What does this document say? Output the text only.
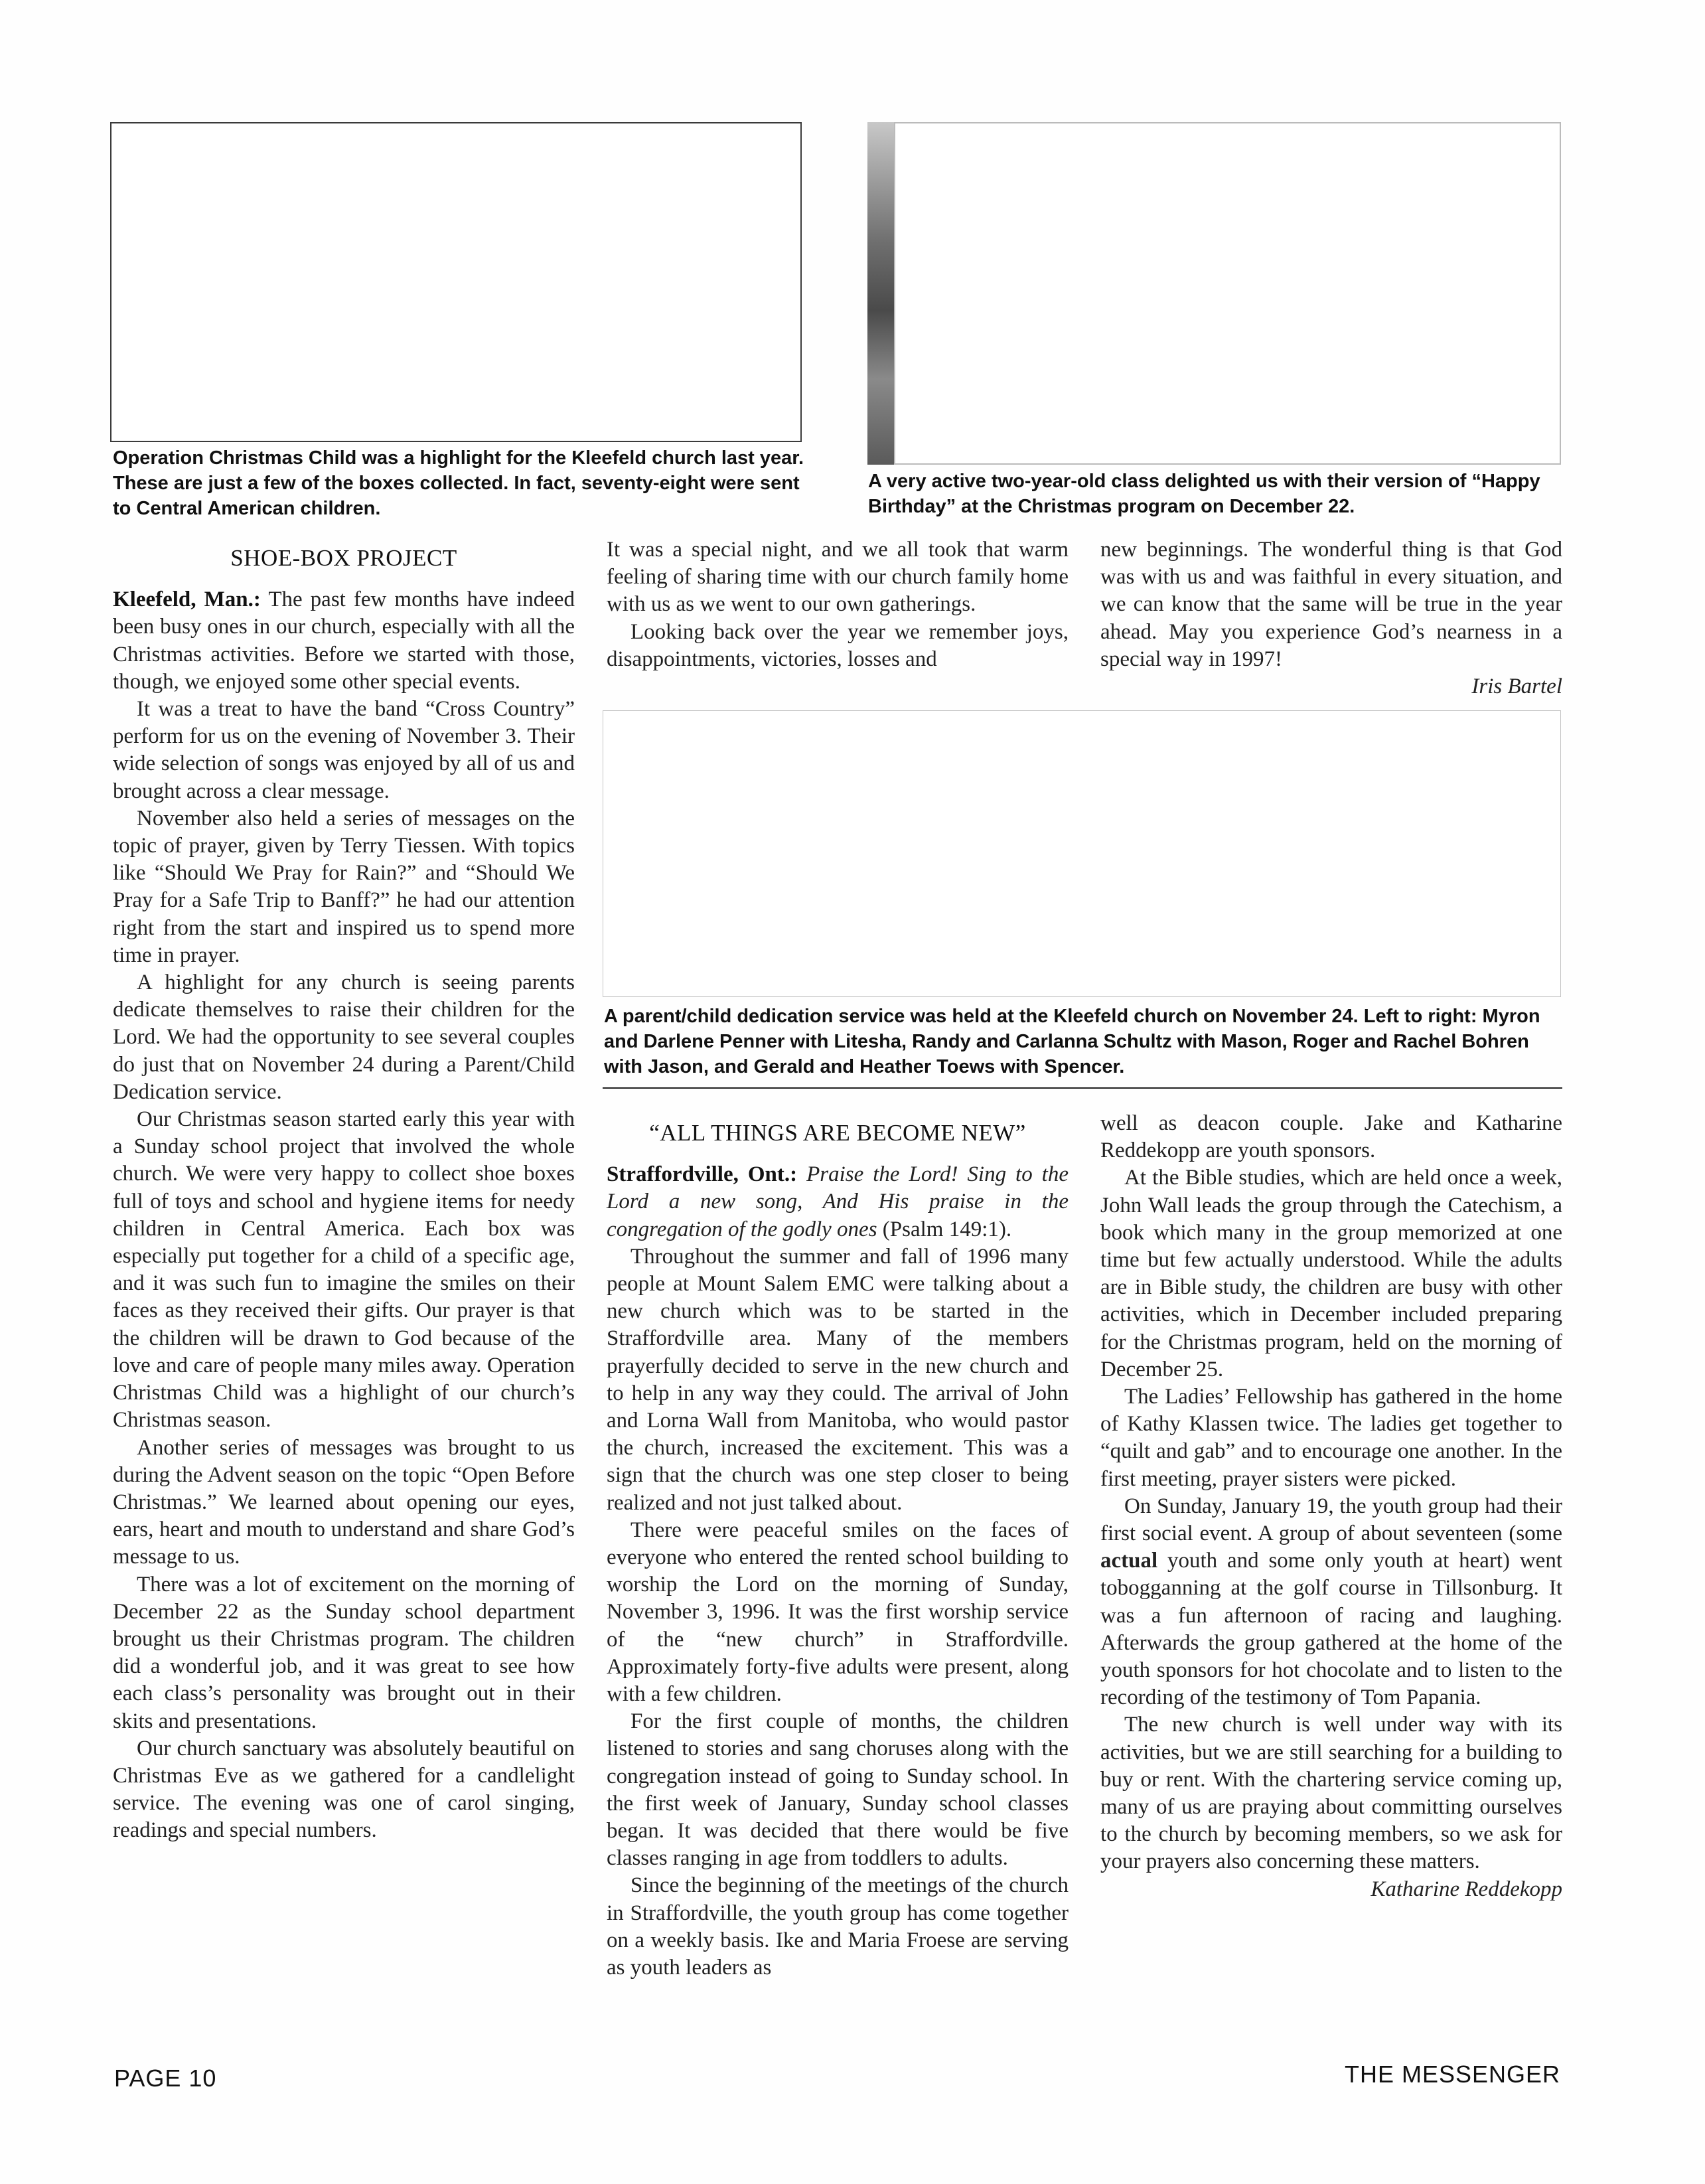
Operation Christmas Child was a highlight for the Kleefeld church last year. These are just a few of the boxes collected. In fact, seventy-eight were sent to Central American children.
A very active two-year-old class delighted us with their version of “Happy Birthday” at the Christmas program on December 22.
A parent/child dedication service was held at the Kleefeld church on November 24. Left to right: Myron and Darlene Penner with Litesha, Randy and Carlanna Schultz with Mason, Roger and Rachel Bohren with Jason, and Gerald and Heather Toews with Spencer.
SHOE-BOX PROJECT

Kleefeld, Man.: The past few months have indeed been busy ones in our church, especially with all the Christmas activities. Before we started with those, though, we enjoyed some other special events.

It was a treat to have the band “Cross Country” perform for us on the evening of November 3. Their wide selection of songs was enjoyed by all of us and brought across a clear message.

November also held a series of messages on the topic of prayer, given by Terry Tiessen. With topics like “Should We Pray for Rain?” and “Should We Pray for a Safe Trip to Banff?” he had our attention right from the start and inspired us to spend more time in prayer.

A highlight for any church is seeing parents dedicate themselves to raise their children for the Lord. We had the opportunity to see several couples do just that on November 24 during a Parent/Child Dedication service.

Our Christmas season started early this year with a Sunday school project that involved the whole church. We were very happy to collect shoe boxes full of toys and school and hygiene items for needy children in Central America. Each box was especially put together for a child of a specific age, and it was such fun to imagine the smiles on their faces as they received their gifts. Our prayer is that the children will be drawn to God because of the love and care of people many miles away. Operation Christmas Child was a highlight of our church’s Christmas season.

Another series of messages was brought to us during the Advent season on the topic “Open Before Christmas.” We learned about opening our eyes, ears, heart and mouth to understand and share God’s message to us.

There was a lot of excitement on the morning of December 22 as the Sunday school department brought us their Christmas program. The children did a wonderful job, and it was great to see how each class’s personality was brought out in their skits and presentations.

Our church sanctuary was absolutely beautiful on Christmas Eve as we gathered for a candlelight service. The evening was one of carol singing, readings and special numbers.

It was a special night, and we all took that warm feeling of sharing time with our church family home with us as we went to our own gatherings.

Looking back over the year we remember joys, disappointments, victories, losses and

new beginnings. The wonderful thing is that God was with us and was faithful in every situation, and we can know that the same will be true in the year ahead. May you experience God’s nearness in a special way in 1997!

Iris Bartel
“ALL THINGS ARE BECOME NEW”

Straffordville, Ont.: Praise the Lord! Sing to the Lord a new song, And His praise in the congregation of the godly ones (Psalm 149:1).

Throughout the summer and fall of 1996 many people at Mount Salem EMC were talking about a new church which was to be started in the Straffordville area. Many of the members prayerfully decided to serve in the new church and to help in any way they could. The arrival of John and Lorna Wall from Manitoba, who would pastor the church, increased the excitement. This was a sign that the church was one step closer to being realized and not just talked about.

There were peaceful smiles on the faces of everyone who entered the rented school building to worship the Lord on the morning of Sunday, November 3, 1996. It was the first worship service of the “new church” in Straffordville. Approximately forty-five adults were present, along with a few children.

For the first couple of months, the children listened to stories and sang choruses along with the congregation instead of going to Sunday school. In the first week of January, Sunday school classes began. It was decided that there would be five classes ranging in age from toddlers to adults.

Since the beginning of the meetings of the church in Straffordville, the youth group has come together on a weekly basis. Ike and Maria Froese are serving as youth leaders as

well as deacon couple. Jake and Katharine Reddekopp are youth sponsors.

At the Bible studies, which are held once a week, John Wall leads the group through the Catechism, a book which many in the group memorized at one time but few actually understood. While the adults are in Bible study, the children are busy with other activities, which in December included preparing for the Christmas program, held on the morning of December 25.

The Ladies’ Fellowship has gathered in the home of Kathy Klassen twice. The ladies get together to “quilt and gab” and to encourage one another. In the first meeting, prayer sisters were picked.

On Sunday, January 19, the youth group had their first social event. A group of about seventeen (some actual youth and some only youth at heart) went tobogganning at the golf course in Tillsonburg. It was a fun afternoon of racing and laughing. Afterwards the group gathered at the home of the youth sponsors for hot chocolate and to listen to the recording of the testimony of Tom Papania.

The new church is well under way with its activities, but we are still searching for a building to buy or rent. With the chartering service coming up, many of us are praying about committing ourselves to the church by becoming members, so we ask for your prayers also concerning these matters.

Katharine Reddekopp
PAGE 10	THE MESSENGER
